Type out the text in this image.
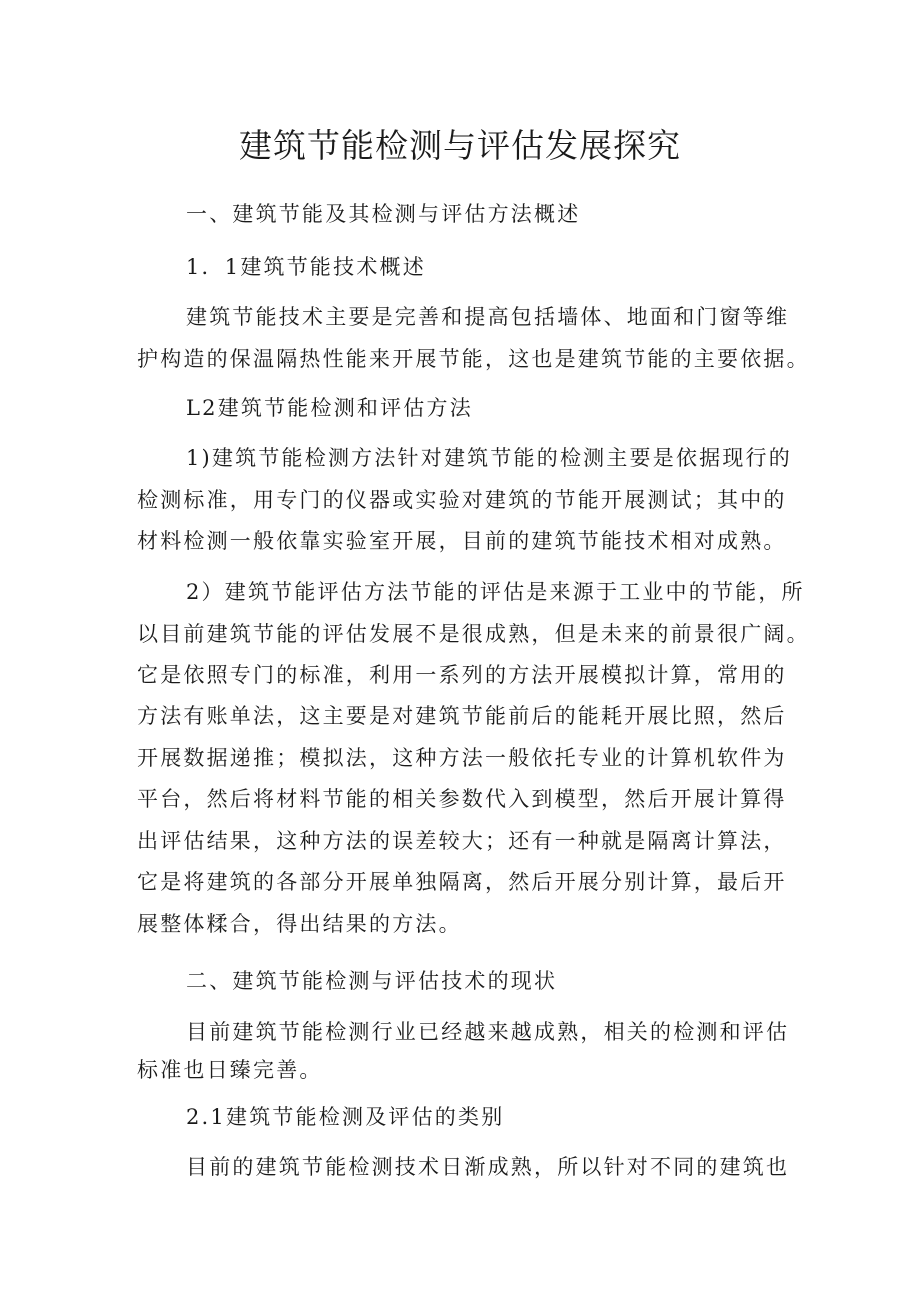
建筑节能检测与评估发展探究
一、建筑节能及其检测与评估方法概述
1．1建筑节能技术概述
建筑节能技术主要是完善和提高包括墙体、地面和门窗等维
护构造的保温隔热性能来开展节能，这也是建筑节能的主要依据。
L2建筑节能检测和评估方法
1)建筑节能检测方法针对建筑节能的检测主要是依据现行的
检测标准，用专门的仪器或实验对建筑的节能开展测试；其中的
材料检测一般依靠实验室开展，目前的建筑节能技术相对成熟。
2）建筑节能评估方法节能的评估是来源于工业中的节能，所
以目前建筑节能的评估发展不是很成熟，但是未来的前景很广阔。
它是依照专门的标准，利用一系列的方法开展模拟计算，常用的
方法有账单法，这主要是对建筑节能前后的能耗开展比照，然后
开展数据递推；模拟法，这种方法一般依托专业的计算机软件为
平台，然后将材料节能的相关参数代入到模型，然后开展计算得
出评估结果，这种方法的误差较大；还有一种就是隔离计算法，
它是将建筑的各部分开展单独隔离，然后开展分别计算，最后开
展整体糅合，得出结果的方法。
二、建筑节能检测与评估技术的现状
目前建筑节能检测行业已经越来越成熟，相关的检测和评估
标准也日臻完善。
2.1建筑节能检测及评估的类别
目前的建筑节能检测技术日渐成熟，所以针对不同的建筑也
